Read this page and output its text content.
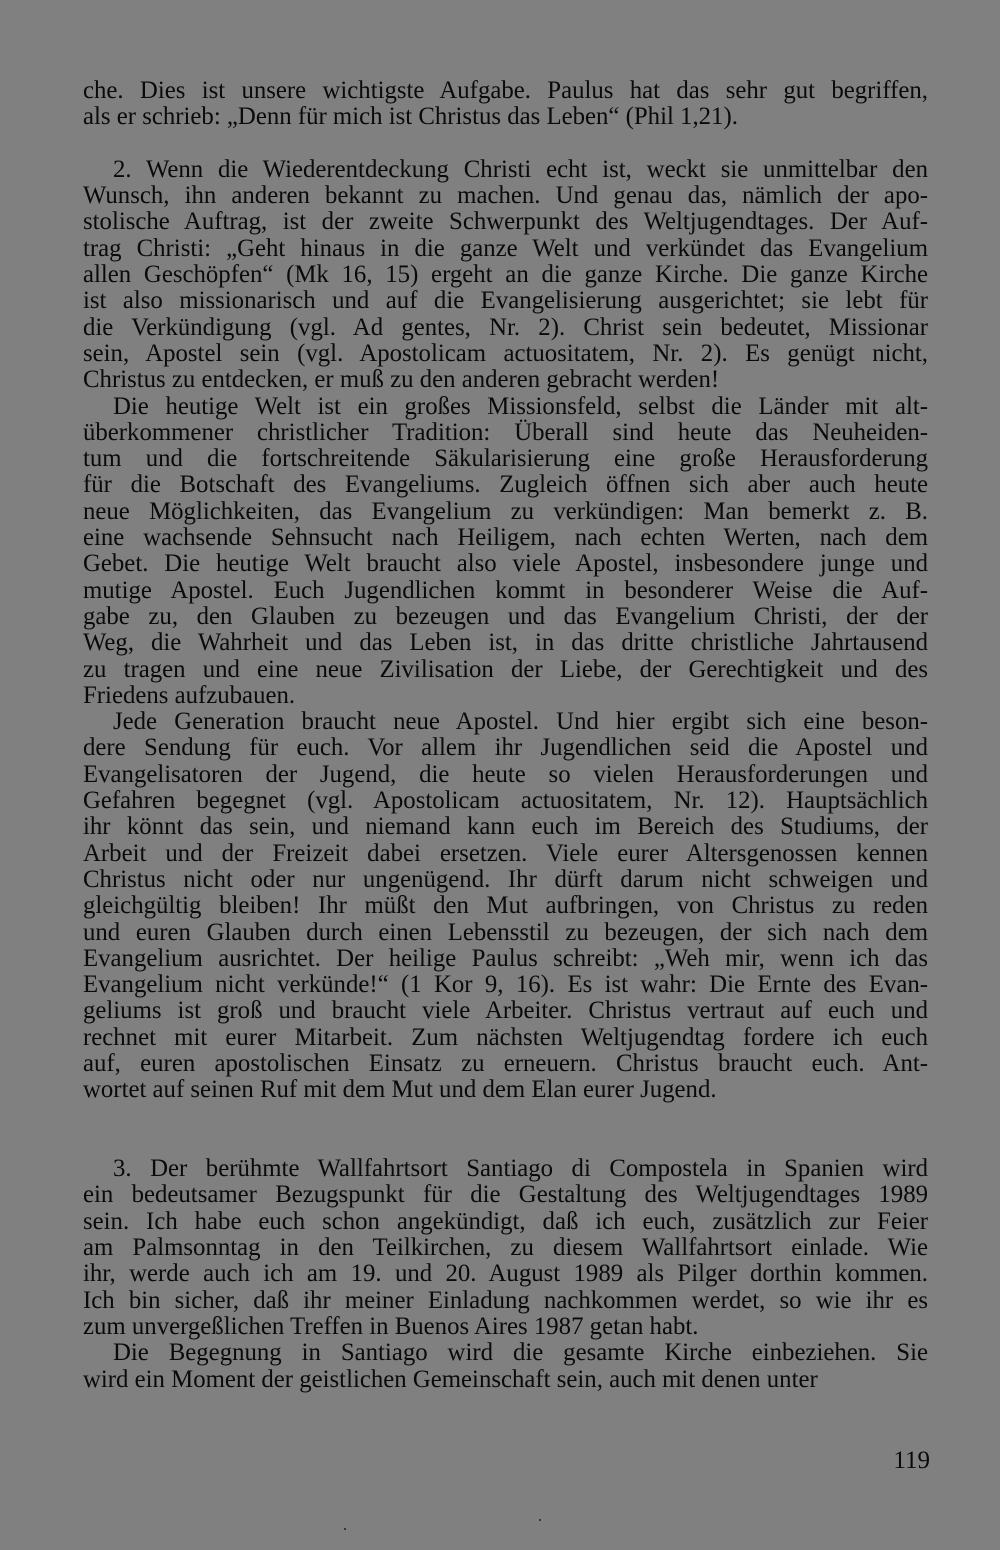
che. Dies ist unsere wichtigste Aufgabe. Paulus hat das sehr gut begriffen,
als er schrieb: „Denn für mich ist Christus das Leben“ (Phil 1,21).
2. Wenn die Wiederentdeckung Christi echt ist, weckt sie unmittelbar den
Wunsch, ihn anderen bekannt zu machen. Und genau das, nämlich der apo-
stolische Auftrag, ist der zweite Schwerpunkt des Weltjugendtages. Der Auf-
trag Christi: „Geht hinaus in die ganze Welt und verkündet das Evangelium
allen Geschöpfen“ (Mk 16, 15) ergeht an die ganze Kirche. Die ganze Kirche
ist also missionarisch und auf die Evangelisierung ausgerichtet; sie lebt für
die Verkündigung (vgl. Ad gentes, Nr. 2). Christ sein bedeutet, Missionar
sein, Apostel sein (vgl. Apostolicam actuositatem, Nr. 2). Es genügt nicht,
Christus zu entdecken, er muß zu den anderen gebracht werden!
Die heutige Welt ist ein großes Missionsfeld, selbst die Länder mit alt-
überkommener christlicher Tradition: Überall sind heute das Neuheiden-
tum und die fortschreitende Säkularisierung eine große Herausforderung
für die Botschaft des Evangeliums. Zugleich öffnen sich aber auch heute
neue Möglichkeiten, das Evangelium zu verkündigen: Man bemerkt z. B.
eine wachsende Sehnsucht nach Heiligem, nach echten Werten, nach dem
Gebet. Die heutige Welt braucht also viele Apostel, insbesondere junge und
mutige Apostel. Euch Jugendlichen kommt in besonderer Weise die Auf-
gabe zu, den Glauben zu bezeugen und das Evangelium Christi, der der
Weg, die Wahrheit und das Leben ist, in das dritte christliche Jahrtausend
zu tragen und eine neue Zivilisation der Liebe, der Gerechtigkeit und des
Friedens aufzubauen.
Jede Generation braucht neue Apostel. Und hier ergibt sich eine beson-
dere Sendung für euch. Vor allem ihr Jugendlichen seid die Apostel und
Evangelisatoren der Jugend, die heute so vielen Herausforderungen und
Gefahren begegnet (vgl. Apostolicam actuositatem, Nr. 12). Hauptsächlich
ihr könnt das sein, und niemand kann euch im Bereich des Studiums, der
Arbeit und der Freizeit dabei ersetzen. Viele eurer Altersgenossen kennen
Christus nicht oder nur ungenügend. Ihr dürft darum nicht schweigen und
gleichgültig bleiben! Ihr müßt den Mut aufbringen, von Christus zu reden
und euren Glauben durch einen Lebensstil zu bezeugen, der sich nach dem
Evangelium ausrichtet. Der heilige Paulus schreibt: „Weh mir, wenn ich das
Evangelium nicht verkünde!“ (1 Kor 9, 16). Es ist wahr: Die Ernte des Evan-
geliums ist groß und braucht viele Arbeiter. Christus vertraut auf euch und
rechnet mit eurer Mitarbeit. Zum nächsten Weltjugendtag fordere ich euch
auf, euren apostolischen Einsatz zu erneuern. Christus braucht euch. Ant-
wortet auf seinen Ruf mit dem Mut und dem Elan eurer Jugend.
3. Der berühmte Wallfahrtsort Santiago di Compostela in Spanien wird
ein bedeutsamer Bezugspunkt für die Gestaltung des Weltjugendtages 1989
sein. Ich habe euch schon angekündigt, daß ich euch, zusätzlich zur Feier
am Palmsonntag in den Teilkirchen, zu diesem Wallfahrtsort einlade. Wie
ihr, werde auch ich am 19. und 20. August 1989 als Pilger dorthin kommen.
Ich bin sicher, daß ihr meiner Einladung nachkommen werdet, so wie ihr es
zum unvergeßlichen Treffen in Buenos Aires 1987 getan habt.
Die Begegnung in Santiago wird die gesamte Kirche einbeziehen. Sie
wird ein Moment der geistlichen Gemeinschaft sein, auch mit denen unter
119
